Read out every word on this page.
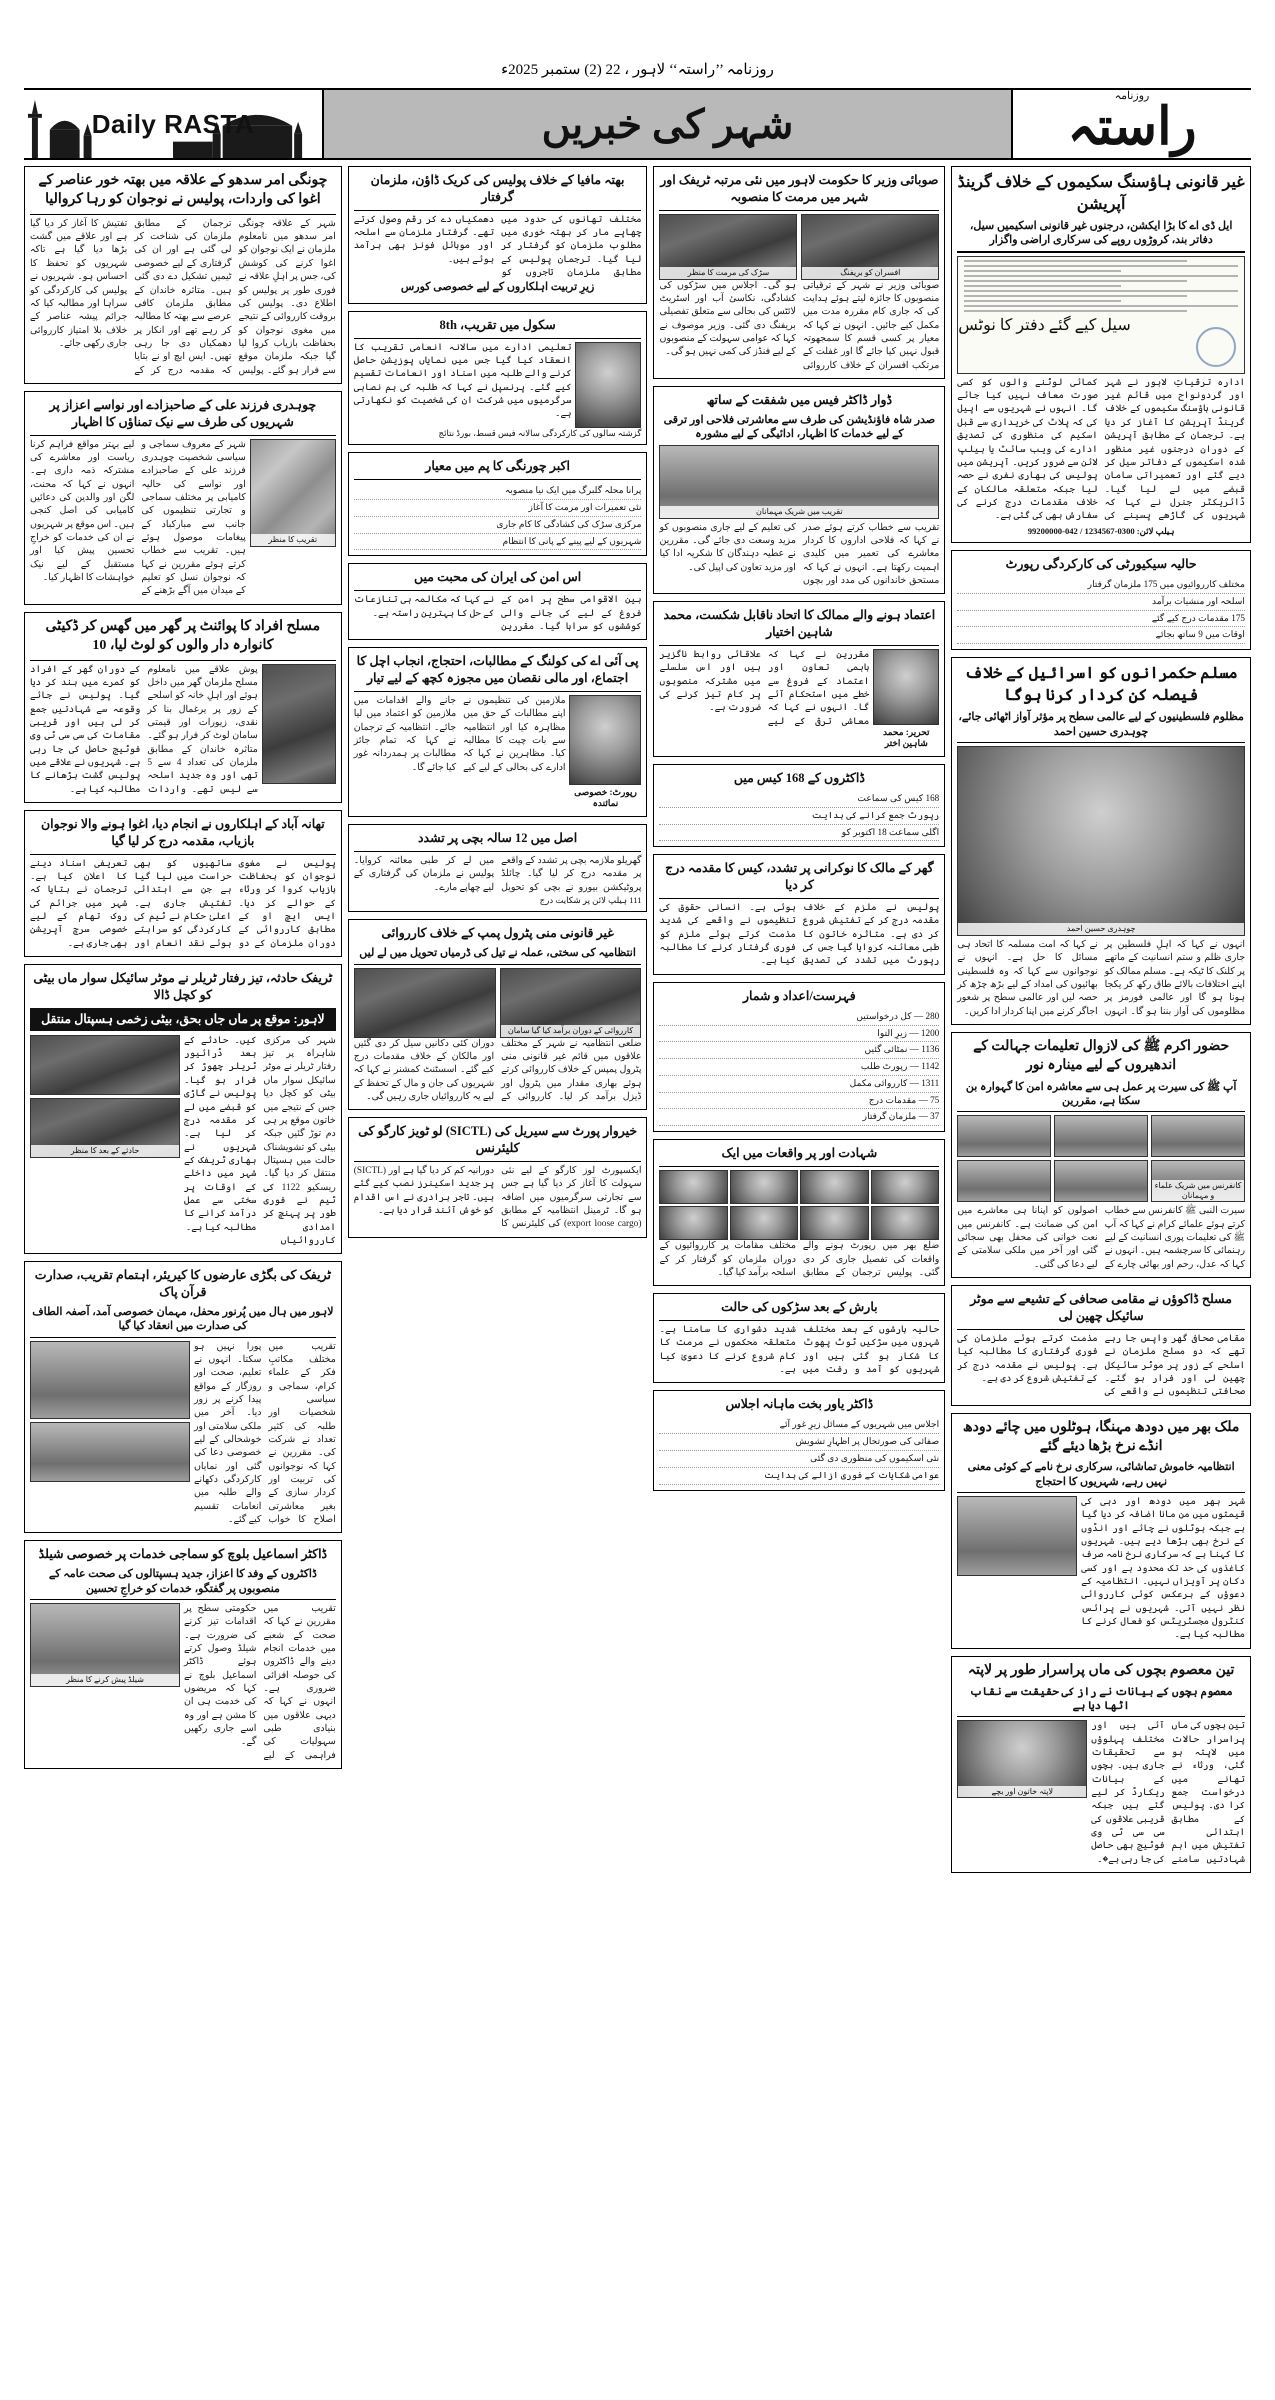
روزنامہ ’’راستہ‘‘ لاہور ، 22 (2) ستمبر 2025ء
Daily RASTA	شہر کی خبریں
روزنامہ
راستہ
چونگی امر سدھو کے علاقہ میں بھتہ خور عناصر کے اغوا کی واردات، پولیس نے نوجوان کو رہا کروالیا
شہر کے علاقہ چونگی امر سدھو میں نامعلوم ملزمان نے ایک نوجوان کو اغوا کرنے کی کوشش کی، جس پر اہلِ علاقہ نے فوری طور پر پولیس کو اطلاع دی۔ پولیس کی بروقت کارروائی کے نتیجے میں مغوی نوجوان کو بحفاظت بازیاب کروا لیا گیا جبکہ ملزمان موقع سے فرار ہو گئے۔ پولیس ترجمان کے مطابق ملزمان کی شناخت کر لی گئی ہے اور ان کی گرفتاری کے لیے خصوصی ٹیمیں تشکیل دے دی گئی ہیں۔ متاثرہ خاندان کے مطابق ملزمان کافی عرصے سے بھتہ کا مطالبہ کر رہے تھے اور انکار پر دھمکیاں دی جا رہی تھیں۔ ایس ایچ او نے بتایا کہ مقدمہ درج کر کے تفتیش کا آغاز کر دیا گیا ہے اور علاقے میں گشت بڑھا دیا گیا ہے تاکہ شہریوں کو تحفظ کا احساس ہو۔ شہریوں نے پولیس کی کارکردگی کو سراہا اور مطالبہ کیا کہ جرائم پیشہ عناصر کے خلاف بلا امتیاز کارروائی جاری رکھی جائے۔
چوہدری فرزند علی کے صاحبزادے اور نواسے اعزاز پر شہریوں کی طرف سے نیک تمناؤں کا اظہار
شہر کے معروف سماجی و سیاسی شخصیت چوہدری فرزند علی کے صاحبزادے اور نواسے کی حالیہ کامیابی پر مختلف سماجی و تجارتی تنظیموں کی جانب سے مبارکباد کے پیغامات موصول ہوئے ہیں۔ تقریب سے خطاب کرتے ہوئے مقررین نے کہا کہ نوجوان نسل کو تعلیم کے میدان میں آگے بڑھنے کے لیے بہتر مواقع فراہم کرنا ریاست اور معاشرے کی مشترکہ ذمہ داری ہے۔ انہوں نے کہا کہ محنت، لگن اور والدین کی دعائیں کامیابی کی اصل کنجی ہیں۔ اس موقع پر شہریوں نے ان کی خدمات کو خراجِ تحسین پیش کیا اور مستقبل کے لیے نیک خواہشات کا اظہار کیا۔
تقریب کا منظر
مسلح افراد کا پوائنٹ پر گھر میں گھس کر ڈکیٹی کانوارہ دار والوں کو لوٹ لیا، 10
پوش علاقے میں نامعلوم مسلح ملزمان گھر میں داخل ہوئے اور اہلِ خانہ کو اسلحے کے زور پر یرغمال بنا کر نقدی، زیورات اور قیمتی سامان لوٹ کر فرار ہو گئے۔ متاثرہ خاندان کے مطابق ملزمان کی تعداد 4 سے 5 تھی اور وہ جدید اسلحہ سے لیس تھے۔ واردات کے دوران گھر کے افراد کو کمرے میں بند کر دیا گیا۔ پولیس نے جائے وقوعہ سے شہادتیں جمع کر لی ہیں اور قریبی مقامات کی سی سی ٹی وی فوٹیج حاصل کی جا رہی ہے۔ شہریوں نے علاقے میں پولیس گشت بڑھانے کا مطالبہ کیا ہے۔
تھانہ آباد کے اہلکاروں نے انجام دیا، اغوا ہونے والا نوجوان بازیاب، مقدمہ درج کر لیا گیا
پولیس نے مغوی نوجوان کو بحفاظت بازیاب کروا کر ورثاء کے حوالے کر دیا۔ ایس ایچ او کے مطابق کارروائی کے دوران ملزمان کے دو ساتھیوں کو بھی حراست میں لیا گیا ہے جن سے ابتدائی تفتیش جاری ہے۔ اعلیٰ حکام نے ٹیم کی کارکردگی کو سراہتے ہوئے نقد انعام اور تعریفی اسناد دینے کا اعلان کیا ہے۔ ترجمان نے بتایا کہ شہر میں جرائم کی روک تھام کے لیے خصوصی سرچ آپریشن بھی جاری ہے۔
ٹریفک حادثہ، تیز رفتار ٹریلر نے موٹر سائیکل سوار ماں بیٹی کو کچل ڈالا
لاہور: موقع پر ماں جاں بحق، بیٹی زخمی ہسپتال منتقل
حادثے کے بعد کا منظر
شہر کی مرکزی شاہراہ پر تیز رفتار ٹریلر نے موٹر سائیکل سوار ماں بیٹی کو کچل دیا جس کے نتیجے میں خاتون موقع پر ہی دم توڑ گئیں جبکہ بیٹی کو تشویشناک حالت میں ہسپتال منتقل کر دیا گیا۔ ریسکیو 1122 کی ٹیم نے فوری طور پر پہنچ کر امدادی کارروائیاں کیں۔ حادثے کے بعد ڈرائیور ٹریلر چھوڑ کر فرار ہو گیا۔ پولیس نے گاڑی کو قبضے میں لے کر مقدمہ درج کر لیا ہے۔ شہریوں نے بھاری ٹریفک کے شہر میں داخلے کے اوقات پر سختی سے عمل درآمد کرانے کا مطالبہ کیا ہے۔
ٹریفک کی بگڑی عارضوں کا کیریئر، اہتمام تقریب، صدارت قرآن پاک
لاہور میں ہال میں پُرنور محفل، مہمان خصوصی آمد، آصفہ الطاف کی صدارت میں انعقاد کیا گیا
تقریب میں مختلف مکاتبِ فکر کے علماء کرام، سماجی و سیاسی شخصیات اور طلبہ کی کثیر تعداد نے شرکت کی۔ مقررین نے کہا کہ نوجوانوں کی تربیت اور کردار سازی کے بغیر معاشرتی اصلاح کا خواب پورا نہیں ہو سکتا۔ انہوں نے تعلیم، صحت اور روزگار کے مواقع پیدا کرنے پر زور دیا۔ آخر میں ملکی سلامتی اور خوشحالی کے لیے خصوصی دعا کی گئی اور نمایاں کارکردگی دکھانے والے طلبہ میں انعامات تقسیم کیے گئے۔
ڈاکٹر اسماعیل بلوچ کو سماجی خدمات پر خصوصی شیلڈ
ڈاکٹروں کے وفد کا اعزاز، جدید ہسپتالوں کی صحت عامہ کے منصوبوں پر گفتگو، خدمات کو خراجِ تحسین
شیلڈ پیش کرنے کا منظر
تقریب میں مقررین نے کہا کہ صحت کے شعبے میں خدمات انجام دینے والے ڈاکٹروں کی حوصلہ افزائی ضروری ہے۔ انہوں نے کہا کہ دیہی علاقوں میں بنیادی طبی سہولیات کی فراہمی کے لیے حکومتی سطح پر اقدامات تیز کرنے کی ضرورت ہے۔ شیلڈ وصول کرتے ہوئے ڈاکٹر اسماعیل بلوچ نے کہا کہ مریضوں کی خدمت ہی ان کا مشن ہے اور وہ اسے جاری رکھیں گے۔
بھتہ مافیا کے خلاف پولیس کی کریک ڈاؤن، ملزمان گرفتار
مختلف تھانوں کی حدود میں چھاپے مار کر بھتہ خوری میں مطلوب ملزمان کو گرفتار کر لیا گیا۔ ترجمان پولیس کے مطابق ملزمان تاجروں کو دھمکیاں دے کر رقم وصول کرتے تھے۔ گرفتار ملزمان سے اسلحہ اور موبائل فونز بھی برآمد ہوئے ہیں۔
زیرِ تربیت اہلکاروں کے لیے خصوصی کورس
سکول میں تقریب، 8th
تعلیمی ادارے میں سالانہ انعامی تقریب کا انعقاد کیا گیا جس میں نمایاں پوزیشن حاصل کرنے والے طلبہ میں اسناد اور انعامات تقسیم کیے گئے۔ پرنسپل نے کہا کہ طلبہ کی ہم نصابی سرگرمیوں میں شرکت ان کی شخصیت کو نکھارتی ہے۔
گزشتہ سالوں کی کارکردگی سالانہ فیس قسط، بورڈ نتائج
اکبر چورنگی کا پم میں معیار
پرانا محلہ گلبرگ میں ایک نیا منصوبہ
نئی تعمیرات اور مرمت کا آغاز
مرکزی سڑک کی کشادگی کا کام جاری
شہریوں کے لیے پینے کے پانی کا انتظام
اس امن کی ایران کی محبت میں
بین الاقوامی سطح پر امن کے فروغ کے لیے کی جانے والی کوششوں کو سراہا گیا۔ مقررین نے کہا کہ مکالمہ ہی تنازعات کے حل کا بہترین راستہ ہے۔
پی آئی اے کی کولنگ کے مطالبات، احتجاج، انجاب اچل کا اجتماع، اور مالی نقصان میں مجوزہ کچھ کے لیے تیار
ملازمین کی تنظیموں نے اپنے مطالبات کے حق میں مظاہرہ کیا اور انتظامیہ سے بات چیت کا مطالبہ کیا۔ مظاہرین نے کہا کہ ادارے کی بحالی کے لیے کیے جانے والے اقدامات میں ملازمین کو اعتماد میں لیا جائے۔ انتظامیہ کے ترجمان نے کہا کہ تمام جائز مطالبات پر ہمدردانہ غور کیا جائے گا۔
رپورٹ: خصوصی نمائندہ
اصل میں 12 سالہ بچی پر تشدد
گھریلو ملازمہ بچی پر تشدد کے واقعے پر مقدمہ درج کر لیا گیا۔ چائلڈ پروٹیکشن بیورو نے بچی کو تحویل میں لے کر طبی معائنہ کروایا۔ پولیس نے ملزمان کی گرفتاری کے لیے چھاپے مارے۔
111 ہیلپ لائن پر شکایت درج
غیر قانونی منی پٹرول پمپ کے خلاف کارروائی
انتظامیہ کی سختی، عملہ نے تیل کی ڈرمیاں تحویل میں لے لیں
کارروائی کے دوران برآمد کیا گیا سامان
ضلعی انتظامیہ نے شہر کے مختلف علاقوں میں قائم غیر قانونی منی پٹرول پمپس کے خلاف کارروائی کرتے ہوئے بھاری مقدار میں پٹرول اور ڈیزل برآمد کر لیا۔ کارروائی کے دوران کئی دکانیں سیل کر دی گئیں اور مالکان کے خلاف مقدمات درج کیے گئے۔ اسسٹنٹ کمشنر نے کہا کہ شہریوں کی جان و مال کے تحفظ کے لیے یہ کارروائیاں جاری رہیں گی۔
خیروار پورٹ سے سیریل کی (SICTL) لو ٹویز کارگو کی کلیئرنس
ایکسپورٹ لوز کارگو کے لیے نئی سہولت کا آغاز کر دیا گیا ہے جس سے تجارتی سرگرمیوں میں اضافہ ہو گا۔ ٹرمینل انتظامیہ کے مطابق (export loose cargo) کی کلیئرنس کا دورانیہ کم کر دیا گیا ہے اور (SICTL) پر جدید اسکینرز نصب کیے گئے ہیں۔ تاجر برادری نے اس اقدام کو خوش آئند قرار دیا ہے۔
صوبائی وزیر کا حکومت لاہور میں نئی مرتبہ ٹریفک اور شہر میں مرمت کا منصوبہ
سڑک کی مرمت کا منظر	افسران کو بریفنگ
صوبائی وزیر نے شہر کے ترقیاتی منصوبوں کا جائزہ لیتے ہوئے ہدایت کی کہ جاری کام مقررہ مدت میں مکمل کیے جائیں۔ انہوں نے کہا کہ معیار پر کسی قسم کا سمجھوتہ قبول نہیں کیا جائے گا اور غفلت کے مرتکب افسران کے خلاف کارروائی ہو گی۔ اجلاس میں سڑکوں کی کشادگی، نکاسیٔ آب اور اسٹریٹ لائٹس کی بحالی سے متعلق تفصیلی بریفنگ دی گئی۔ وزیر موصوف نے کہا کہ عوامی سہولت کے منصوبوں کے لیے فنڈز کی کمی نہیں ہو گی۔
ڈوار ڈاکٹر فیس میں شفقت کے ساتھ
صدر شاہ فاؤنڈیشن کی طرف سے معاشرتی فلاحی اور ترقی کے لیے خدمات کا اظہار، ادائیگی کے لیے مشورہ
تقریب میں شریک مہمانان
تقریب سے خطاب کرتے ہوئے صدر نے کہا کہ فلاحی اداروں کا کردار معاشرے کی تعمیر میں کلیدی اہمیت رکھتا ہے۔ انہوں نے کہا کہ مستحق خاندانوں کی مدد اور بچوں کی تعلیم کے لیے جاری منصوبوں کو مزید وسعت دی جائے گی۔ مقررین نے عطیہ دہندگان کا شکریہ ادا کیا اور مزید تعاون کی اپیل کی۔
اعتماد ہونے والے ممالک کا اتحاد ناقابل شکست، محمد شاہین اختیار
مقررین نے کہا کہ باہمی تعاون اور اعتماد کے فروغ سے خطے میں استحکام آئے گا۔ انہوں نے کہا کہ معاشی ترقی کے لیے علاقائی روابط ناگزیر ہیں اور اس سلسلے میں مشترکہ منصوبوں پر کام تیز کرنے کی ضرورت ہے۔
تحریر: محمد شاہین اختر
ڈاکٹروں کے 168 کیس میں
168 کیس کی سماعت
رپورٹ جمع کرانے کی ہدایت
اگلی سماعت 18 اکتوبر کو
گھر کے مالک کا نوکرانی پر تشدد، کیس کا مقدمہ درج کر دیا
پولیس نے ملزم کے خلاف مقدمہ درج کر کے تفتیش شروع کر دی ہے۔ متاثرہ خاتون کا طبی معائنہ کروایا گیا جس کی رپورٹ میں تشدد کی تصدیق ہوئی ہے۔ انسانی حقوق کی تنظیموں نے واقعے کی شدید مذمت کرتے ہوئے ملزم کو فوری گرفتار کرنے کا مطالبہ کیا ہے۔
فہرست/اعداد و شمار
280 — کل درخواستیں
1200 — زیرِ التوا
1136 — نمٹائی گئیں
1142 — رپورٹ طلب
1311 — کارروائی مکمل
75 — مقدمات درج
37 — ملزمان گرفتار
شہادت اور پر واقعات میں ایک
ضلع بھر میں رپورٹ ہونے والے واقعات کی تفصیل جاری کر دی گئی۔ پولیس ترجمان کے مطابق مختلف مقامات پر کارروائیوں کے دوران ملزمان کو گرفتار کر کے اسلحہ برآمد کیا گیا۔
بارش کے بعد سڑکوں کی حالت
حالیہ بارشوں کے بعد مختلف شہروں میں سڑکیں ٹوٹ پھوٹ کا شکار ہو گئی ہیں اور شہریوں کو آمد و رفت میں شدید دشواری کا سامنا ہے۔ متعلقہ محکموں نے مرمت کا کام شروع کرنے کا دعویٰ کیا ہے۔
ڈاکٹر یاور بخت ماہانہ اجلاس
اجلاس میں شہریوں کے مسائل زیرِ غور آئے
صفائی کی صورتحال پر اظہارِ تشویش
نئی اسکیموں کی منظوری دی گئی
عوامی شکایات کے فوری ازالے کی ہدایت
غیر قانونی ہاؤسنگ سکیموں کے خلاف گرینڈ آپریشن
ایل ڈی اے کا بڑا ایکشن، درجنوں غیر قانونی اسکیمیں سیل، دفاتر بند، کروڑوں روپے کی سرکاری اراضی واگزار
سیل کیے گئے دفتر کا نوٹس
ادارہ ترقیاتِ لاہور نے شہر اور گردونواح میں قائم غیر قانونی ہاؤسنگ سکیموں کے خلاف گرینڈ آپریشن کا آغاز کر دیا ہے۔ ترجمان کے مطابق آپریشن کے دوران درجنوں غیر منظور شدہ اسکیموں کے دفاتر سیل کر دیے گئے اور تعمیراتی سامان قبضے میں لے لیا گیا۔ ڈائریکٹر جنرل نے کہا کہ شہریوں کی گاڑھے پسینے کی کمائی لوٹنے والوں کو کسی صورت معاف نہیں کیا جائے گا۔ انہوں نے شہریوں سے اپیل کی کہ پلاٹ کی خریداری سے قبل اسکیم کی منظوری کی تصدیق ادارے کی ویب سائٹ یا ہیلپ لائن سے ضرور کریں۔ آپریشن میں پولیس کی بھاری نفری نے حصہ لیا جبکہ متعلقہ مالکان کے خلاف مقدمات درج کرنے کی سفارش بھی کی گئی ہے۔
ہیلپ لائن: 0300-1234567 / 042-99200000
حالیہ سیکیورٹی کی کارکردگی رپورٹ
مختلف کارروائیوں میں 175 ملزمان گرفتار
اسلحہ اور منشیات برآمد
175 مقدمات درج کیے گئے
اوقات میں 9 ساتھ بجائے
مسلم حکمرانوں کو اسرائیل کے خلاف فیصلہ کن کردار کرنا ہوگا
مظلوم فلسطینیوں کے لیے عالمی سطح پر مؤثر آواز اٹھائی جائے، چوہدری حسین احمد
چوہدری حسین احمد
انہوں نے کہا کہ اہلِ فلسطین پر جاری ظلم و ستم انسانیت کے ماتھے پر کلنک کا ٹیکہ ہے۔ مسلم ممالک کو اپنے اختلافات بالائے طاق رکھ کر یکجا ہونا ہو گا اور عالمی فورمز پر مظلوموں کی آواز بننا ہو گا۔ انہوں نے کہا کہ امت مسلمہ کا اتحاد ہی مسائل کا حل ہے۔ انہوں نے نوجوانوں سے کہا کہ وہ فلسطینی بھائیوں کی امداد کے لیے بڑھ چڑھ کر حصہ لیں اور عالمی سطح پر شعور اجاگر کرنے میں اپنا کردار ادا کریں۔
حضور اکرم ﷺ کی لازوال تعلیمات جہالت کے اندھیروں کے لیے مینارہ نور
آپ ﷺ کی سیرت پر عمل ہی سے معاشرہ امن کا گہوارہ بن سکتا ہے، مقررین
کانفرنس میں شریک علماء و مہمانان
سیرت النبی ﷺ کانفرنس سے خطاب کرتے ہوئے علمائے کرام نے کہا کہ آپ ﷺ کی تعلیمات پوری انسانیت کے لیے رہنمائی کا سرچشمہ ہیں۔ انہوں نے کہا کہ عدل، رحم اور بھائی چارے کے اصولوں کو اپنانا ہی معاشرے میں امن کی ضمانت ہے۔ کانفرنس میں نعت خوانی کی محفل بھی سجائی گئی اور آخر میں ملکی سلامتی کے لیے دعا کی گئی۔
مسلح ڈاکوؤں نے مقامی صحافی کے تشیعے سے موٹر سائیکل چھین لی
مقامی صحافی گھر واپس جا رہے تھے کہ دو مسلح ملزمان نے اسلحے کے زور پر موٹر سائیکل چھین لی اور فرار ہو گئے۔ صحافتی تنظیموں نے واقعے کی مذمت کرتے ہوئے ملزمان کی فوری گرفتاری کا مطالبہ کیا ہے۔ پولیس نے مقدمہ درج کر کے تفتیش شروع کر دی ہے۔
ملک بھر میں دودھ مہنگا، ہوٹلوں میں چائے دودھ انڈے نرخ بڑھا دیئے گئے
انتظامیہ خاموش تماشائی، سرکاری نرخ نامے کے کوئی معنی نہیں رہے، شہریوں کا احتجاج
شہر بھر میں دودھ اور دہی کی قیمتوں میں من مانا اضافہ کر دیا گیا ہے جبکہ ہوٹلوں نے چائے اور انڈوں کے نرخ بھی بڑھا دیے ہیں۔ شہریوں کا کہنا ہے کہ سرکاری نرخ نامہ صرف کاغذوں کی حد تک محدود ہے اور کسی دکان پر آویزاں نہیں۔ انتظامیہ کے دعوؤں کے برعکس کوئی کارروائی نظر نہیں آتی۔ شہریوں نے پرائس کنٹرول مجسٹریٹس کو فعال کرنے کا مطالبہ کیا ہے۔
تین معصوم بچوں کی ماں پراسرار طور پر لاپتہ
معصوم بچوں کے بیانات نے راز کی حقیقت سے نقاب اٹھا دیا ہے
لاپتہ خاتون اور بچے
تین بچوں کی ماں پراسرار حالات میں لاپتہ ہو گئی، ورثاء نے تھانے میں درخواست جمع کرا دی۔ پولیس کے مطابق ابتدائی تفتیش میں اہم شہادتیں سامنے آئی ہیں اور مختلف پہلوؤں سے تحقیقات جاری ہیں۔ بچوں کے بیانات ریکارڈ کر لیے گئے ہیں جبکہ قریبی علاقوں کی سی سی ٹی وی فوٹیج بھی حاصل کی جا رہی ہے�۔
